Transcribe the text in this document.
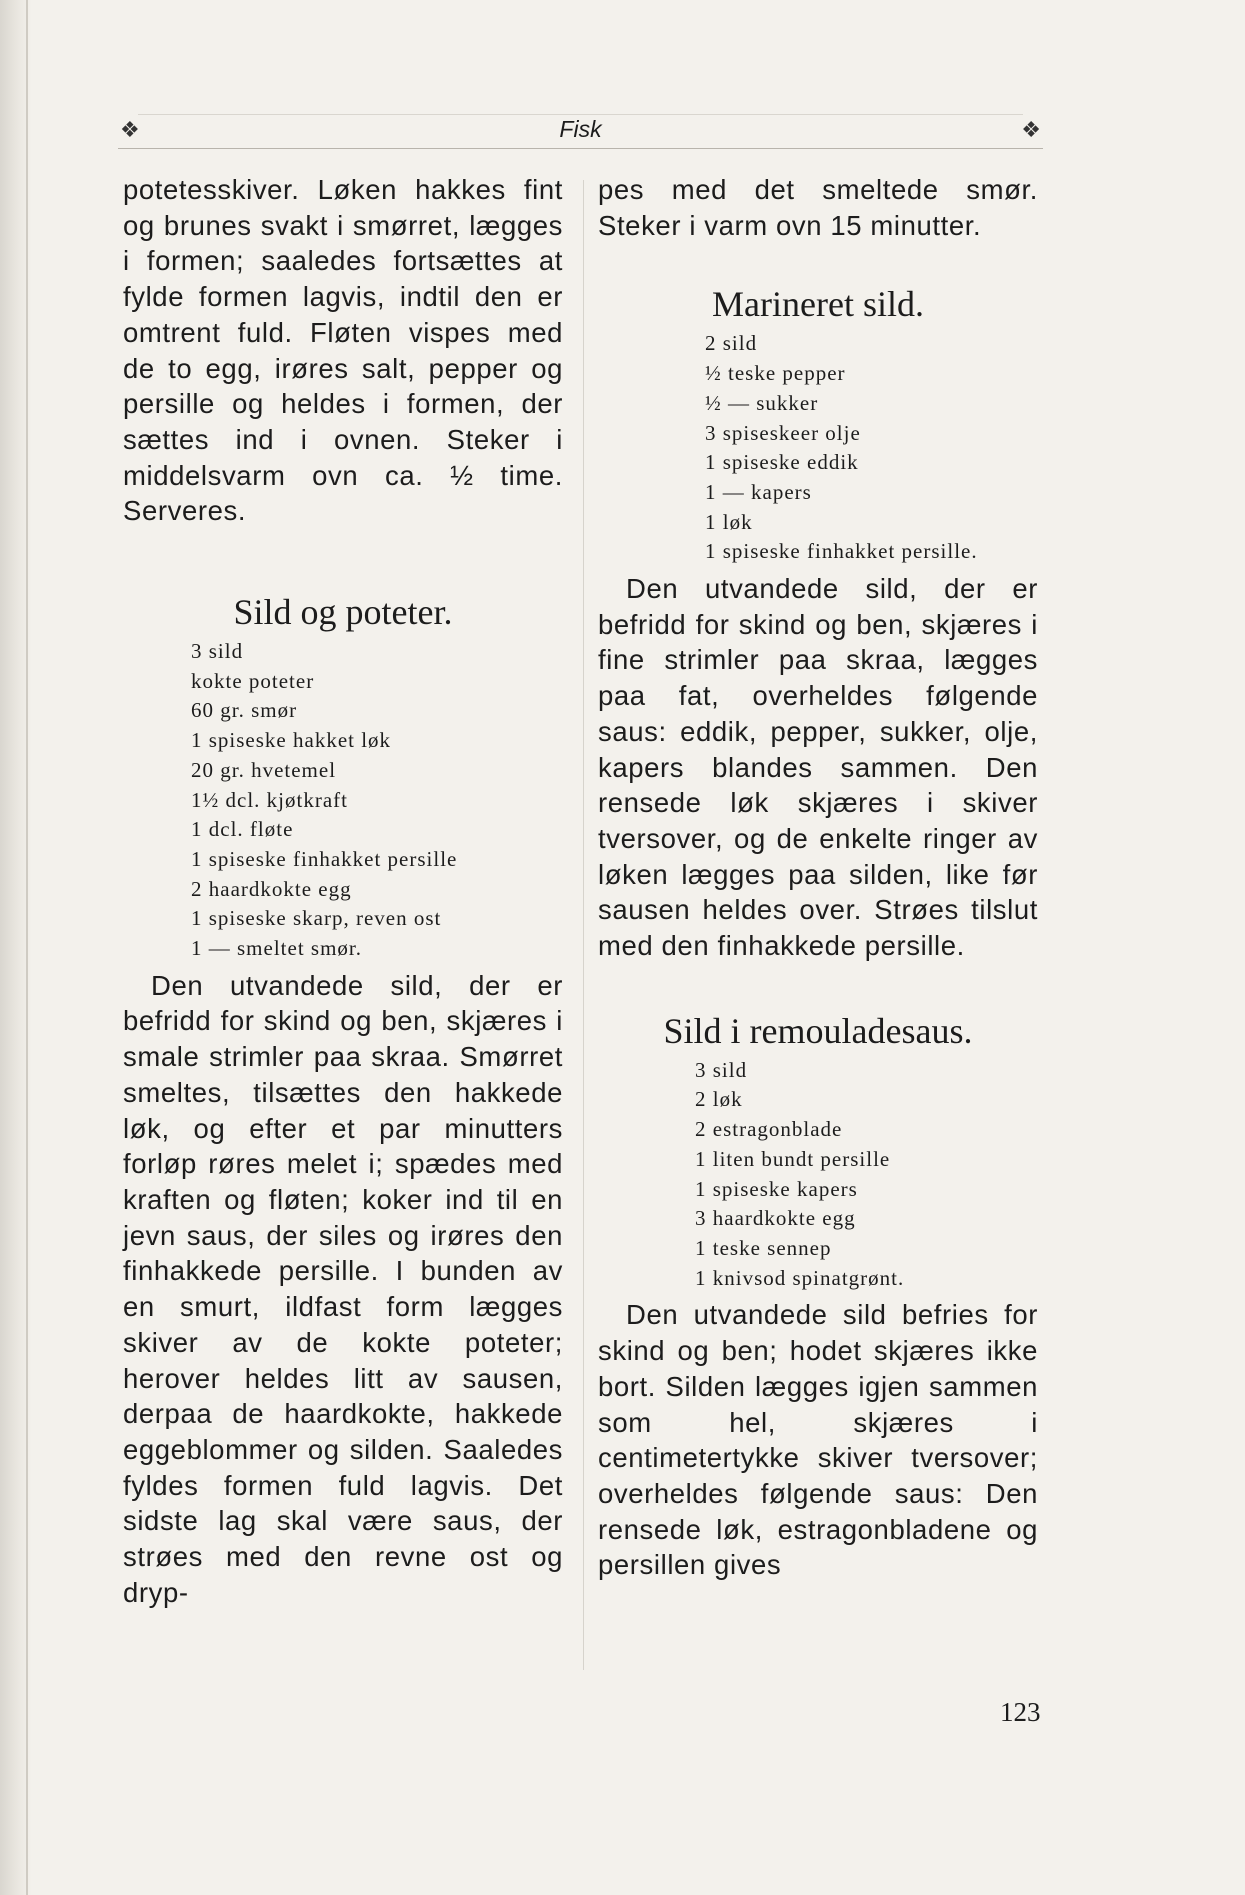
❖	Fisk	❖

potetesskiver. Løken hakkes fint og brunes svakt i smørret, lægges i formen; saaledes fortsættes at fylde formen lagvis, indtil den er omtrent fuld. Fløten vispes med de to egg, irøres salt, pepper og persille og heldes i formen, der sættes ind i ovnen. Steker i middelsvarm ovn ca. ½ time. Serveres.

Sild og poteter.
3 sild
kokte poteter
60 gr. smør
1 spiseske hakket løk
20 gr. hvetemel
1½ dcl. kjøtkraft
1 dcl. fløte
1 spiseske finhakket persille
2 haardkokte egg
1 spiseske skarp, reven ost
1 — smeltet smør.

Den utvandede sild, der er befridd for skind og ben, skjæres i smale strimler paa skraa. Smørret smeltes, tilsættes den hakkede løk, og efter et par minutters forløp røres melet i; spædes med kraften og fløten; koker ind til en jevn saus, der siles og irøres den finhakkede persille. I bunden av en smurt, ildfast form lægges skiver av de kokte poteter; herover heldes litt av sausen, derpaa de haardkokte, hakkede eggeblommer og silden. Saaledes fyldes formen fuld lagvis. Det sidste lag skal være saus, der strøes med den revne ost og dryp-

pes med det smeltede smør. Steker i varm ovn 15 minutter.

Marineret sild.
2 sild
½ teske pepper
½ — sukker
3 spiseskeer olje
1 spiseske eddik
1 — kapers
1 løk
1 spiseske finhakket persille.

Den utvandede sild, der er befridd for skind og ben, skjæres i fine strimler paa skraa, lægges paa fat, overheldes følgende saus: eddik, pepper, sukker, olje, kapers blandes sammen. Den rensede løk skjæres i skiver tversover, og de enkelte ringer av løken lægges paa silden, like før sausen heldes over. Strøes tilslut med den finhakkede persille.

Sild i remouladesaus.
3 sild
2 løk
2 estragonblade
1 liten bundt persille
1 spiseske kapers
3 haardkokte egg
1 teske sennep
1 knivsod spinatgrønt.

Den utvandede sild befries for skind og ben; hodet skjæres ikke bort. Silden lægges igjen sammen som hel, skjæres i centimetertykke skiver tversover; overheldes følgende saus: Den rensede løk, estragonbladene og persillen gives

123
